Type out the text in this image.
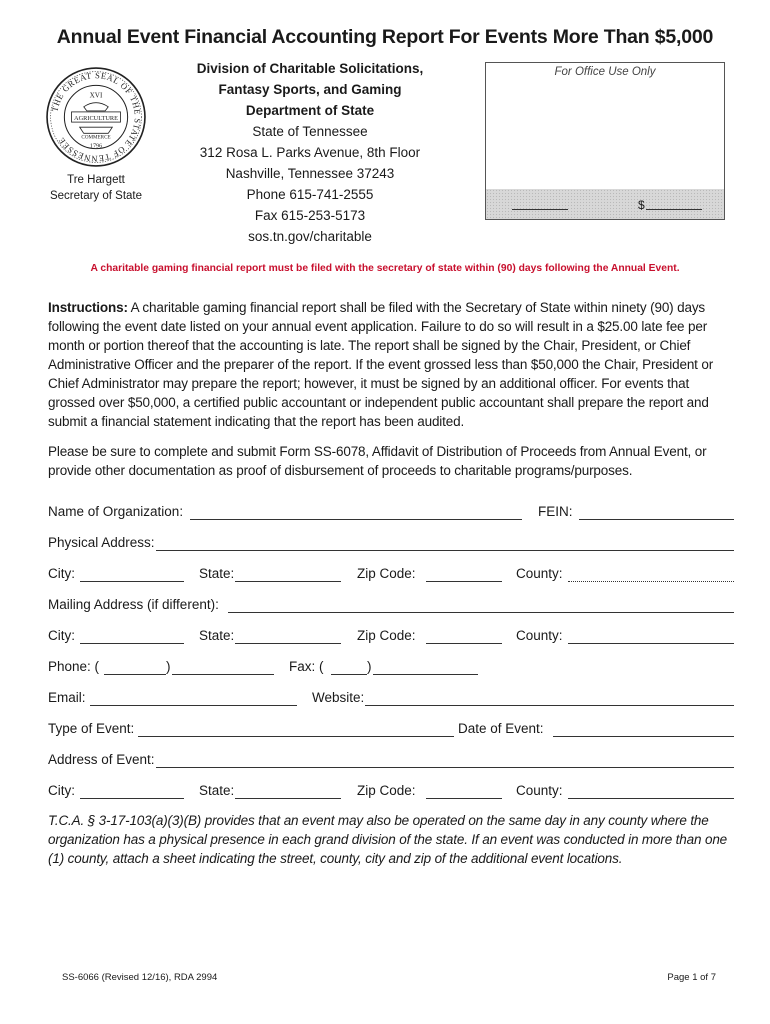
Annual Event Financial Accounting Report For Events More Than $5,000
THE GREAT SEAL OF THE STATE OF TENNESSEE
XVI
AGRICULTURE
COMMERCE
1796
Tre Hargett
Secretary of State
Division of Charitable Solicitations,
Fantasy Sports, and Gaming
Department of State
State of Tennessee
312 Rosa L. Parks Avenue, 8th Floor
Nashville, Tennessee 37243
Phone 615-741-2555
Fax 615-253-5173
sos.tn.gov/charitable
For Office Use Only
$
A charitable gaming financial report must be filed with the secretary of state within (90) days following the Annual Event.
Instructions: A charitable gaming financial report shall be filed with the Secretary of State within ninety (90) days following the event date listed on your annual event application. Failure to do so will result in a $25.00 late fee per month or portion thereof that the accounting is late. The report shall be signed by the Chair, President, or Chief Administrative Officer and the preparer of the report. If the event grossed less than $50,000 the Chair, President or Chief Administrator may prepare the report; however, it must be signed by an additional officer. For events that grossed over $50,000, a certified public accountant or independent public accountant shall prepare the report and submit a financial statement indicating that the report has been audited.
Please be sure to complete and submit Form SS-6078, Affidavit of Distribution of Proceeds from Annual Event, or provide other documentation as proof of disbursement of proceeds to charitable programs/purposes.
Name of Organization:	FEIN:
Physical Address:
City:	State:	Zip Code:	County:
Mailing Address (if different):
City:	State:	Zip Code:	County:
Phone: (	)	Fax: (	)
Email:	Website:
Type of Event:	Date of Event:
Address of Event:
City:	State:	Zip Code:	County:
T.C.A. § 3-17-103(a)(3)(B) provides that an event may also be operated on the same day in any county where the organization has a physical presence in each grand division of the state. If an event was conducted in more than one (1) county, attach a sheet indicating the street, county, city and zip of the additional event locations.
SS-6066 (Revised 12/16), RDA 2994	Page 1 of 7
